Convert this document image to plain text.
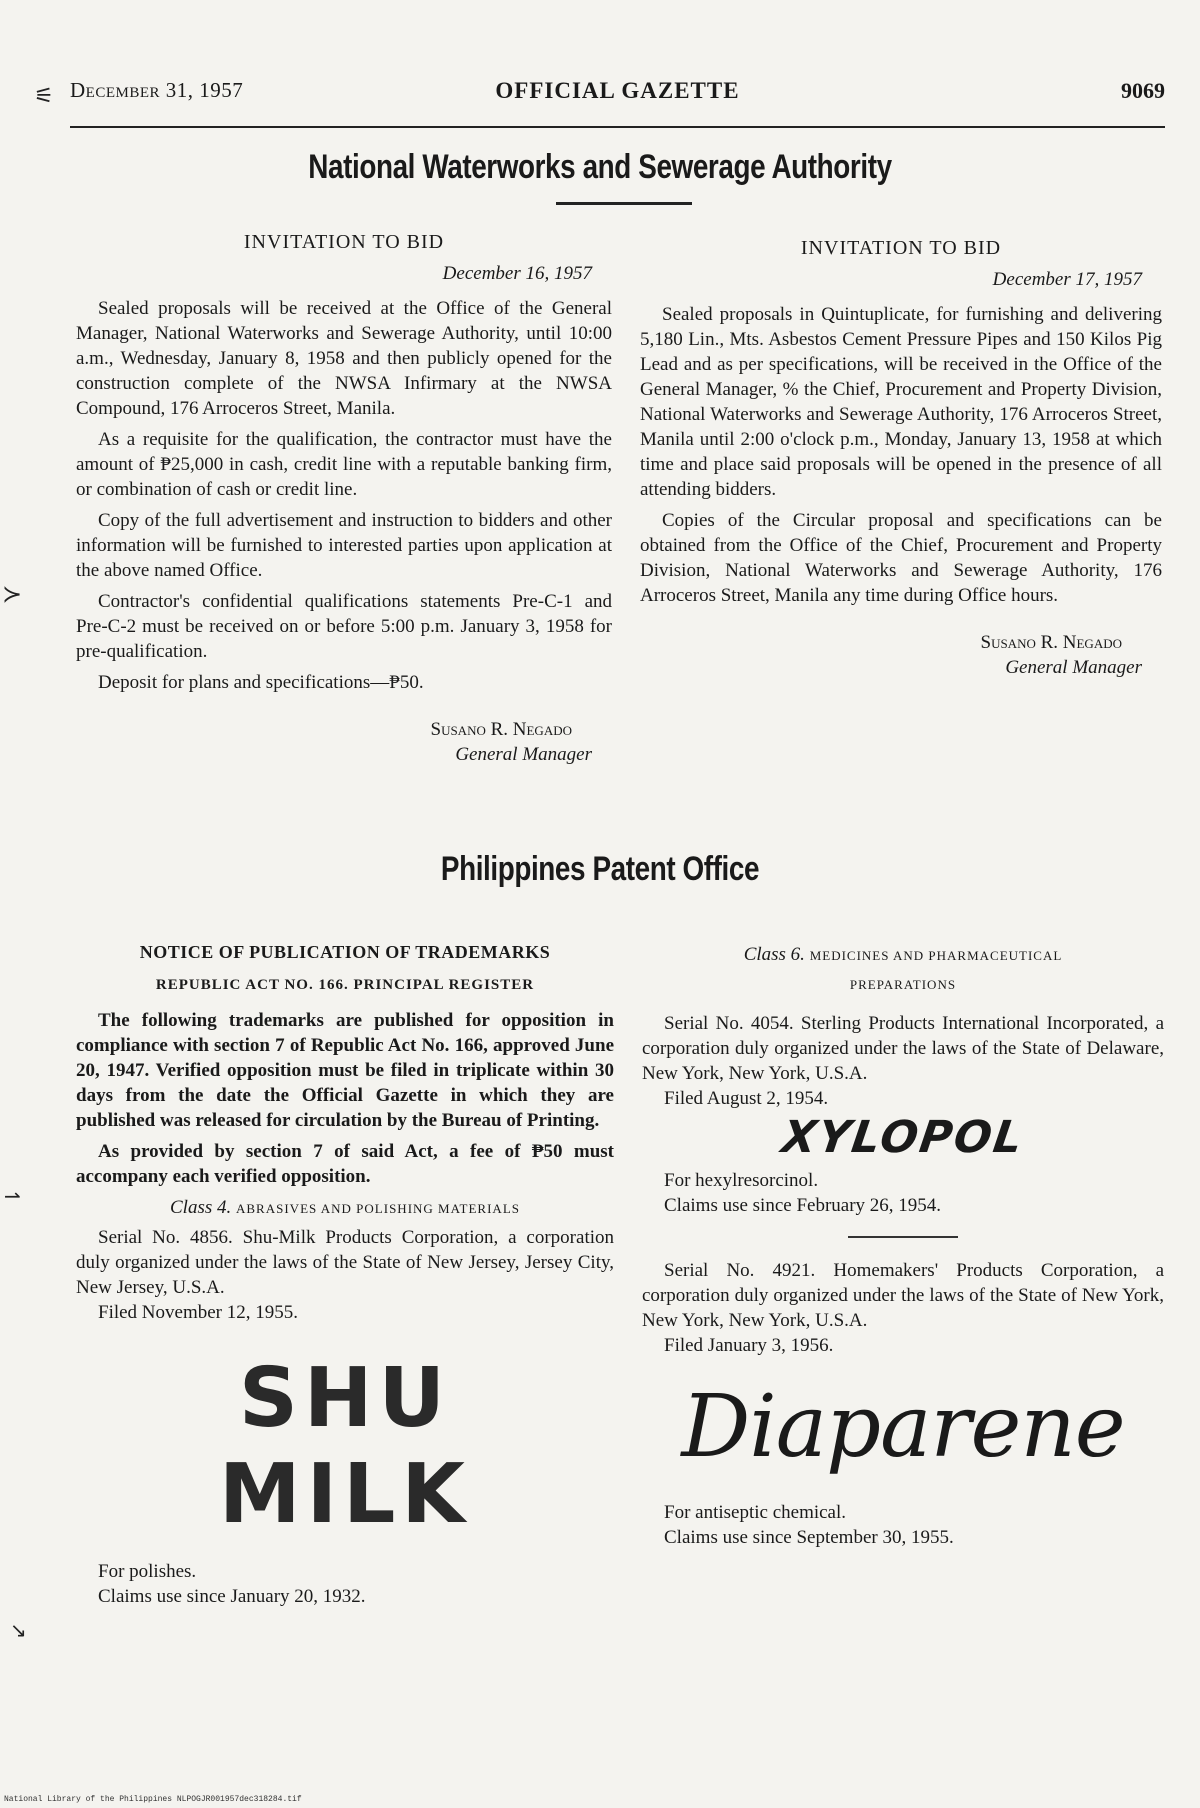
December 31, 1957	OFFICIAL GAZETTE	9069
National Waterworks and Sewerage Authority
INVITATION TO BID
December 16, 1957

Sealed proposals will be received at the Office of the General Manager, National Waterworks and Sewerage Authority, until 10:00 a.m., Wednesday, January 8, 1958 and then publicly opened for the construction complete of the NWSA Infirmary at the NWSA Compound, 176 Arroceros Street, Manila.

As a requisite for the qualification, the contractor must have the amount of ₱25,000 in cash, credit line with a reputable banking firm, or combination of cash or credit line.

Copy of the full advertisement and instruction to bidders and other information will be furnished to interested parties upon application at the above named Office.

Contractor's confidential qualifications statements Pre-C-1 and Pre-C-2 must be received on or before 5:00 p.m. January 3, 1958 for pre-qualification.

Deposit for plans and specifications—₱50.

Susano R. Negado
General Manager
INVITATION TO BID
December 17, 1957

Sealed proposals in Quintuplicate, for furnishing and delivering 5,180 Lin., Mts. Asbestos Cement Pressure Pipes and 150 Kilos Pig Lead and as per specifications, will be received in the Office of the General Manager, % the Chief, Procurement and Property Division, National Waterworks and Sewerage Authority, 176 Arroceros Street, Manila until 2:00 o'clock p.m., Monday, January 13, 1958 at which time and place said proposals will be opened in the presence of all attending bidders.

Copies of the Circular proposal and specifications can be obtained from the Office of the Chief, Procurement and Property Division, National Waterworks and Sewerage Authority, 176 Arroceros Street, Manila any time during Office hours.

Susano R. Negado
General Manager
Philippines Patent Office
NOTICE OF PUBLICATION OF TRADEMARKS
REPUBLIC ACT NO. 166. PRINCIPAL REGISTER

The following trademarks are published for opposition in compliance with section 7 of Republic Act No. 166, approved June 20, 1947. Verified opposition must be filed in triplicate within 30 days from the date the Official Gazette in which they are published was released for circulation by the Bureau of Printing.

As provided by section 7 of said Act, a fee of ₱50 must accompany each verified opposition.

Class 4. ABRASIVES AND POLISHING MATERIALS

Serial No. 4856. Shu-Milk Products Corporation, a corporation duly organized under the laws of the State of New Jersey, Jersey City, New Jersey, U.S.A.

Filed November 12, 1955.

SHU
MILK

For polishes.

Claims use since January 20, 1932.

Class 6. MEDICINES AND PHARMACEUTICAL
PREPARATIONS

Serial No. 4054. Sterling Products International Incorporated, a corporation duly organized under the laws of the State of Delaware, New York, New York, U.S.A.

Filed August 2, 1954.

XYLOPOL

For hexylresorcinol.

Claims use since February 26, 1954.

Serial No. 4921. Homemakers' Products Corporation, a corporation duly organized under the laws of the State of New York, New York, New York, U.S.A.

Filed January 3, 1956.

Diaparene

For antiseptic chemical.

Claims use since September 30, 1955.

⚟
≻
⇀
↘
National Library of the Philippines NLPOGJR001957dec318284.tif
